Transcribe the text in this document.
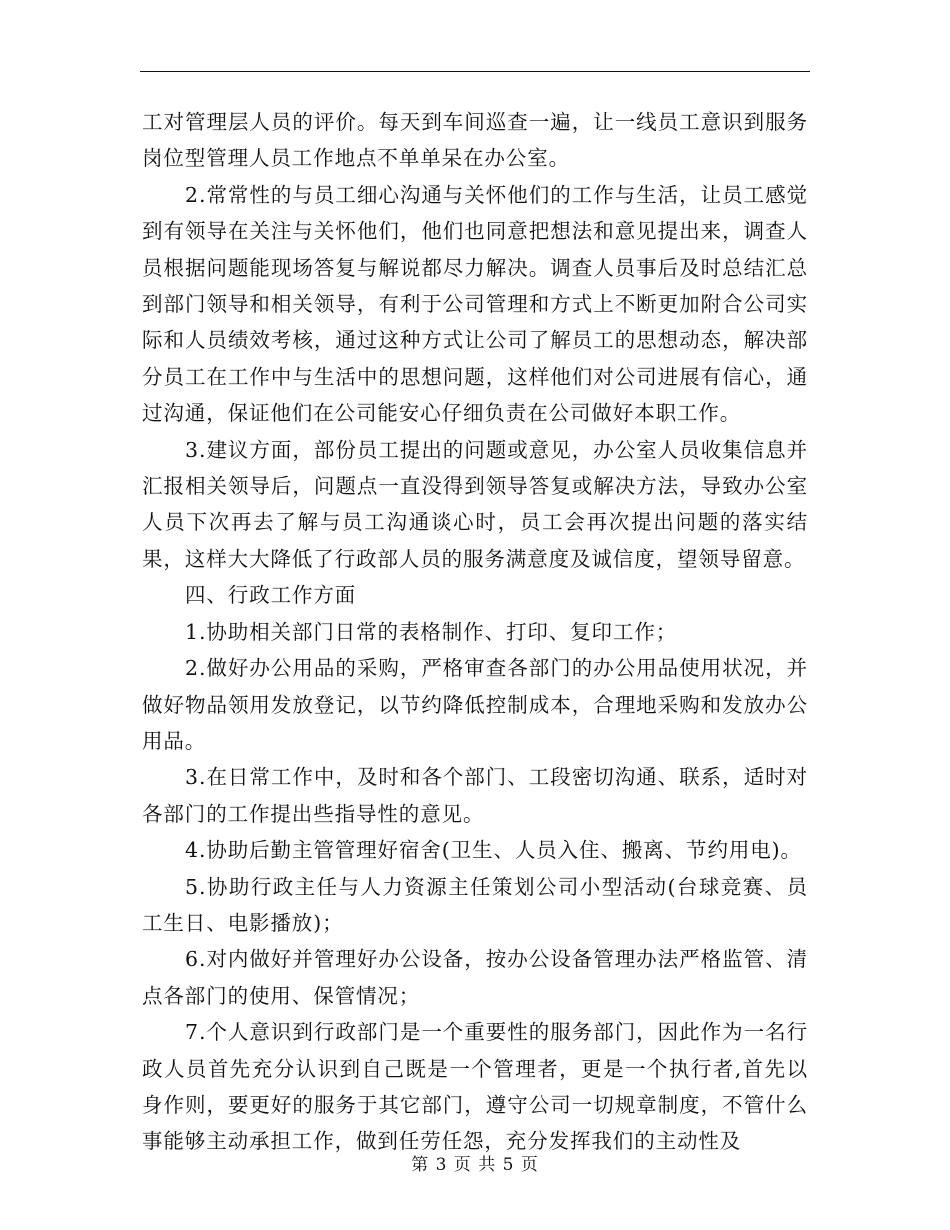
工对管理层人员的评价。每天到车间巡查一遍，让一线员工意识到服务岗位型管理人员工作地点不单单呆在办公室。

2.常常性的与员工细心沟通与关怀他们的工作与生活，让员工感觉到有领导在关注与关怀他们，他们也同意把想法和意见提出来，调查人员根据问题能现场答复与解说都尽力解决。调查人员事后及时总结汇总到部门领导和相关领导，有利于公司管理和方式上不断更加附合公司实际和人员绩效考核，通过这种方式让公司了解员工的思想动态，解决部分员工在工作中与生活中的思想问题，这样他们对公司进展有信心，通过沟通，保证他们在公司能安心仔细负责在公司做好本职工作。

3.建议方面，部份员工提出的问题或意见，办公室人员收集信息并汇报相关领导后，问题点一直没得到领导答复或解决方法，导致办公室人员下次再去了解与员工沟通谈心时，员工会再次提出问题的落实结果，这样大大降低了行政部人员的服务满意度及诚信度，望领导留意。

四、行政工作方面

1.协助相关部门日常的表格制作、打印、复印工作；

2.做好办公用品的采购，严格审查各部门的办公用品使用状况，并做好物品领用发放登记，以节约降低控制成本，合理地采购和发放办公用品。

3.在日常工作中，及时和各个部门、工段密切沟通、联系，适时对各部门的工作提出些指导性的意见。

4.协助后勤主管管理好宿舍(卫生、人员入住、搬离、节约用电)。

5.协助行政主任与人力资源主任策划公司小型活动(台球竞赛、员工生日、电影播放)；

6.对内做好并管理好办公设备，按办公设备管理办法严格监管、清点各部门的使用、保管情况；

7.个人意识到行政部门是一个重要性的服务部门，因此作为一名行政人员首先充分认识到自己既是一个管理者，更是一个执行者,首先以身作则，要更好的服务于其它部门，遵守公司一切规章制度，不管什么事能够主动承担工作，做到任劳任怨，充分发挥我们的主动性及

第 3 页 共 5 页
